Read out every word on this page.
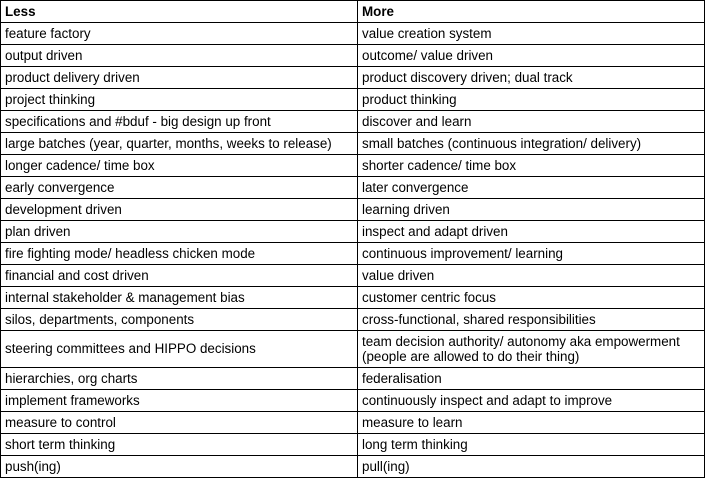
Less	More
feature factory	value creation system
output driven	outcome/ value driven
product delivery driven	product discovery driven; dual track
project thinking	product thinking
specifications and #bduf - big design up front	discover and learn
large batches (year, quarter, months, weeks to release)	small batches (continuous integration/ delivery)
longer cadence/ time box	shorter cadence/ time box
early convergence	later convergence
development driven	learning driven
plan driven	inspect and adapt driven
fire fighting mode/ headless chicken mode	continuous improvement/ learning
financial and cost driven	value driven
internal stakeholder & management bias	customer centric focus
silos, departments, components	cross-functional, shared responsibilities
steering committees and HIPPO decisions	team decision authority/ autonomy aka empowerment (people are allowed to do their thing)
hierarchies, org charts	federalisation
implement frameworks	continuously inspect and adapt to improve
measure to control	measure to learn
short term thinking	long term thinking
push(ing)	pull(ing)
